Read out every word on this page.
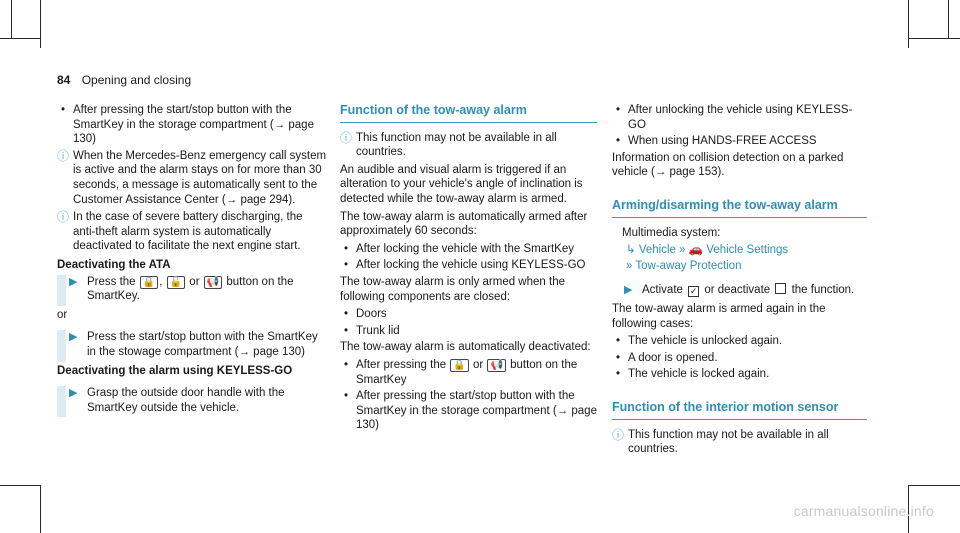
84 Opening and closing
• After pressing the start/stop button with the SmartKey in the storage compartment (→ page 130)
ⓘ When the Mercedes-Benz emergency call system is active and the alarm stays on for more than 30 seconds, a message is automatically sent to the Customer Assistance Center (→ page 294).
ⓘ In the case of severe battery discharging, the anti-theft alarm system is automatically deactivated to facilitate the next engine start.
Deactivating the ATA
▶ Press the 🔒 , 🔓 or 📢 button on the SmartKey.

or

▶ Press the start/stop button with the SmartKey in the stowage compartment (→ page 130)
Deactivating the alarm using KEYLESS-GO
▶ Grasp the outside door handle with the SmartKey outside the vehicle.
Function of the tow-away alarm
ⓘ This function may not be available in all countries.

An audible and visual alarm is triggered if an alteration to your vehicle's angle of inclination is detected while the tow-away alarm is armed.

The tow-away alarm is automatically armed after approximately 60 seconds:

• After locking the vehicle with the SmartKey
• After locking the vehicle using KEYLESS-GO

The tow-away alarm is only armed when the following components are closed:

• Doors
• Trunk lid

The tow-away alarm is automatically deactivated:

• After pressing the 🔒 or 📢 button on the SmartKey
• After pressing the start/stop button with the SmartKey in the storage compartment (→ page 130)
• After unlocking the vehicle using KEYLESS-GO
• When using HANDS-FREE ACCESS

Information on collision detection on a parked vehicle (→ page 153).

Arming/disarming the tow-away alarm

Multimedia system:

↳ Vehicle » 🚗 Vehicle Settings
» Tow-away Protection
▶ Activate ✓ or deactivate the function.

The tow-away alarm is armed again in the following cases:

• The vehicle is unlocked again.
• A door is opened.
• The vehicle is locked again.
Function of the interior motion sensor
ⓘ This function may not be available in all countries.
carmanualsonline.info
